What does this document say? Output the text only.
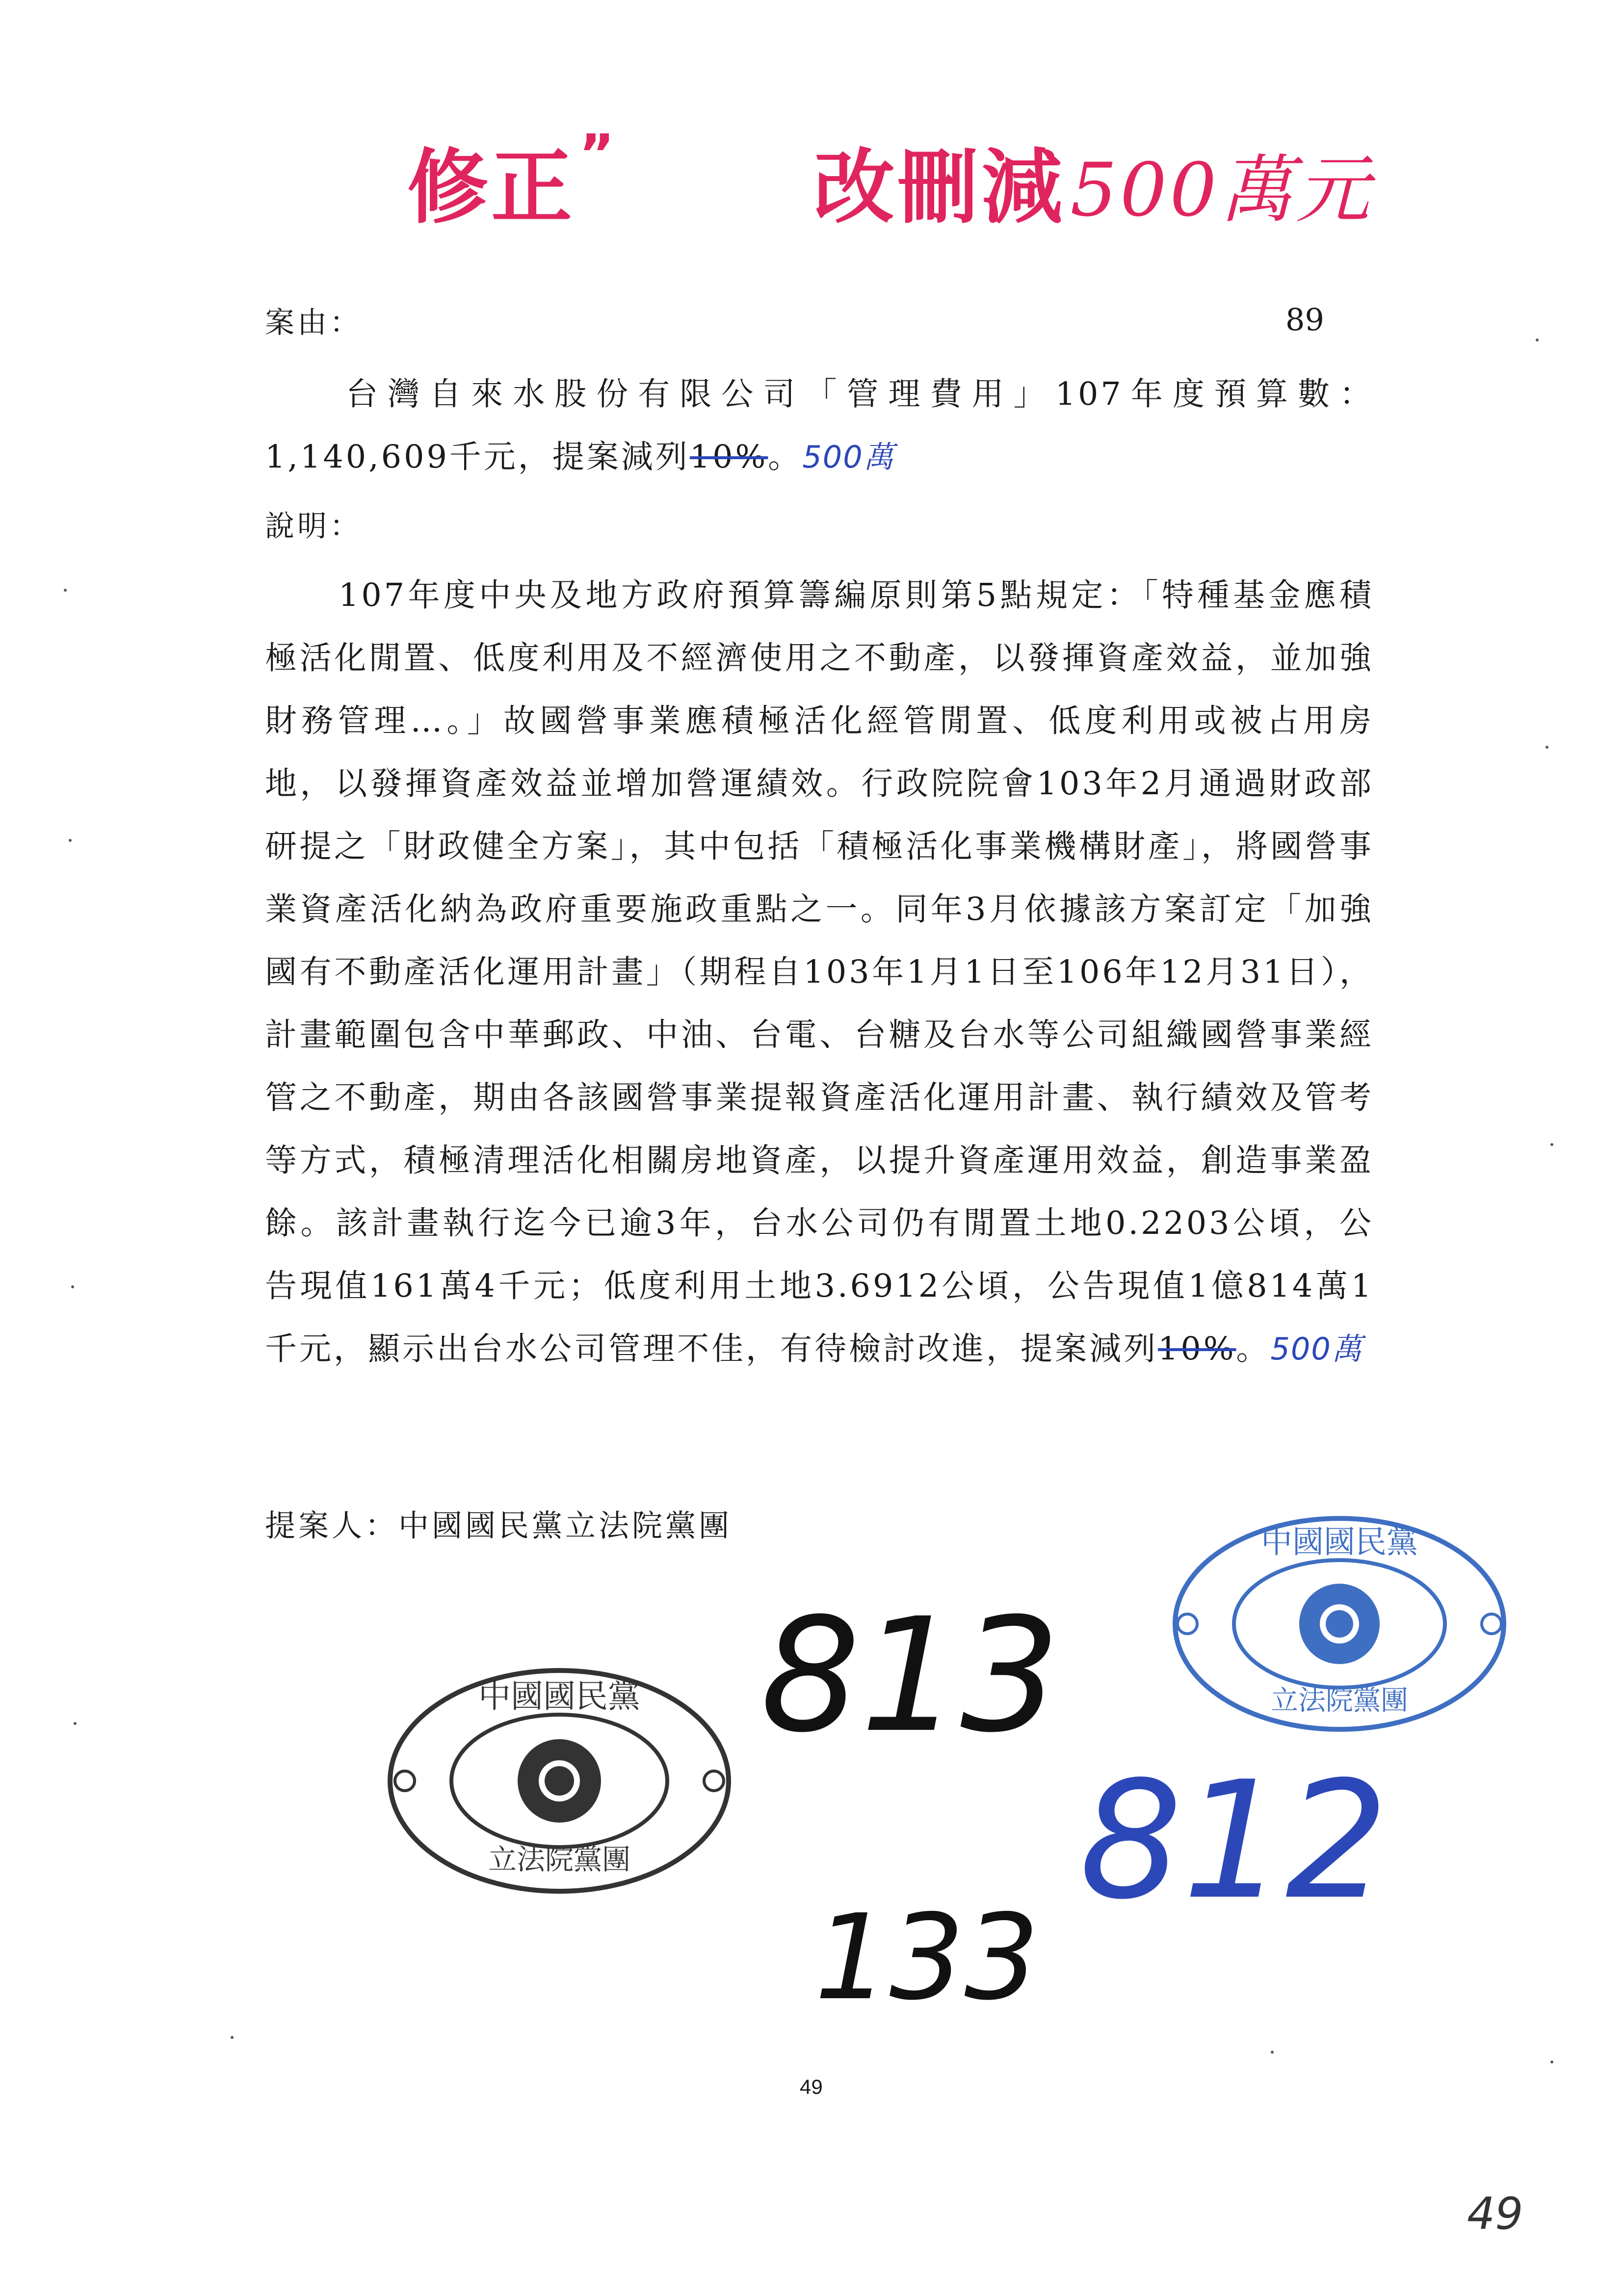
修正” 改刪減500萬元
案由：	89
台灣自來水股份有限公司「管理費用」107年度預算數：1,140,609千元，提案減列10%。500萬
說明：
107年度中央及地方政府預算籌編原則第5點規定：「特種基金應積極活化閒置、低度利用及不經濟使用之不動產，以發揮資產效益，並加強財務管理…。」故國營事業應積極活化經管閒置、低度利用或被占用房地，以發揮資產效益並增加營運績效。行政院院會103年2月通過財政部研提之「財政健全方案」，其中包括「積極活化事業機構財產」，將國營事業資產活化納為政府重要施政重點之一。同年3月依據該方案訂定「加強國有不動產活化運用計畫」（期程自103年1月1日至106年12月31日），計畫範圍包含中華郵政、中油、台電、台糖及台水等公司組織國營事業經管之不動產，期由各該國營事業提報資產活化運用計畫、執行績效及管考等方式，積極清理活化相關房地資產，以提升資產運用效益，創造事業盈餘。該計畫執行迄今已逾3年，台水公司仍有閒置土地0.2203公頃，公告現值161萬4千元；低度利用土地3.6912公頃，公告現值1億814萬1千元，顯示出台水公司管理不佳，有待檢討改進，提案減列10%。500萬
提案人：中國國民黨立法院黨團	中國國民黨
立法院黨團
中國國民黨
立法院黨團
813
812
133
49
49
